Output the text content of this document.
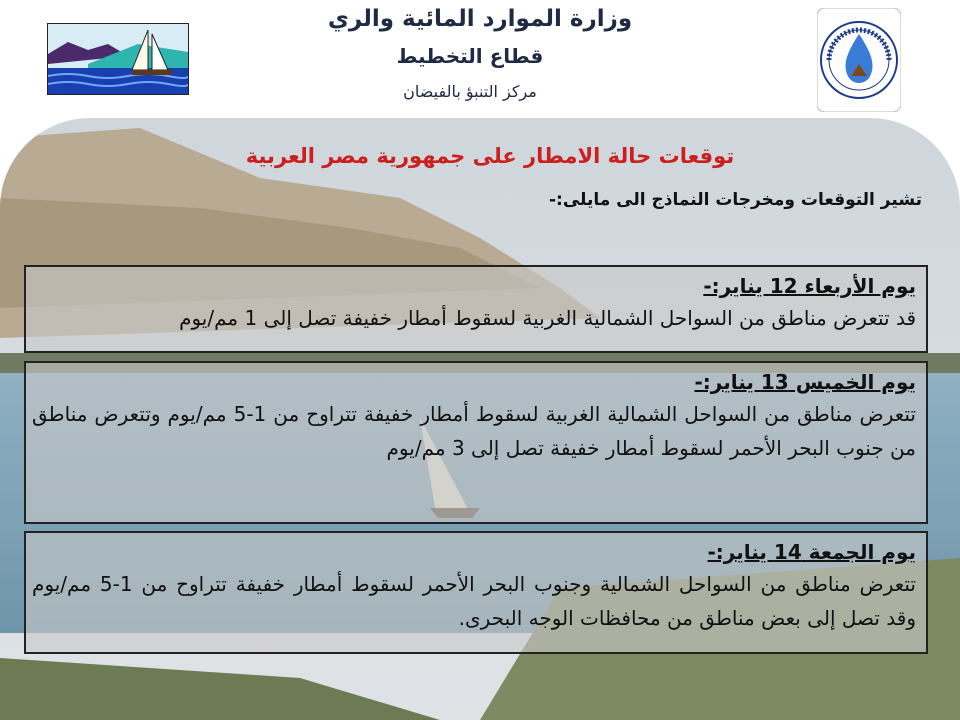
وزارة الموارد المائية والري
قطاع التخطيط
مركز التنبؤ بالفيضان
توقعات حالة الامطار على جمهورية مصر العربية
تشير التوقعات ومخرجات النماذج الى مايلى:-
يوم الأربعاء 12 يناير:-
قد تتعرض مناطق من السواحل الشمالية الغربية لسقوط أمطار خفيفة تصل إلى 1 مم/يوم
يوم الخميس 13 يناير:-
تتعرض مناطق من السواحل الشمالية الغربية لسقوط أمطار خفيفة تتراوح من 1-5 مم/يوم وتتعرض مناطق من جنوب البحر الأحمر لسقوط أمطار خفيفة تصل إلى 3 مم/يوم
يوم الجمعة 14 يناير:-
تتعرض مناطق من السواحل الشمالية وجنوب البحر الأحمر لسقوط أمطار خفيفة تتراوح من 1-5 مم/يوم وقد تصل إلى بعض مناطق من محافظات الوجه البحرى.
